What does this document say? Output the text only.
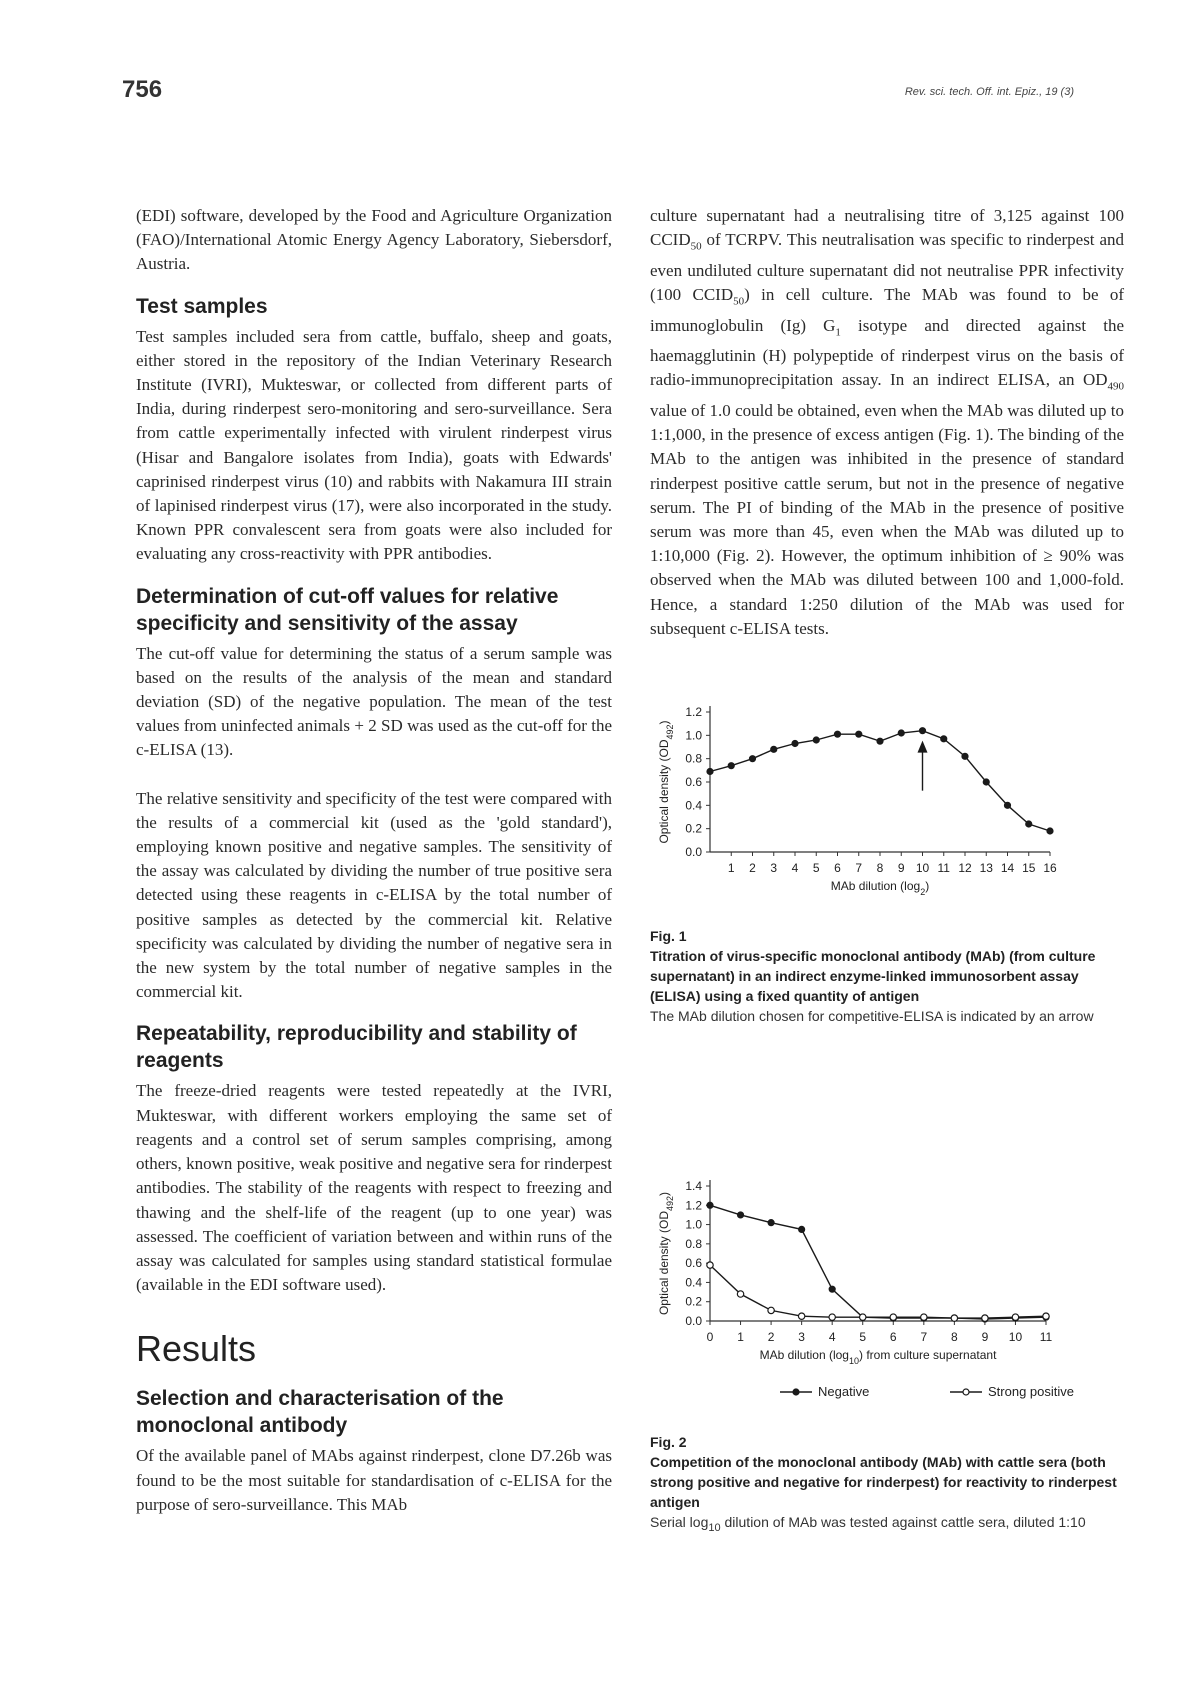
756	Rev. sci. tech. Off. int. Epiz., 19 (3)

(EDI) software, developed by the Food and Agriculture Organization (FAO)/International Atomic Energy Agency Laboratory, Siebersdorf, Austria.

Test samples

Test samples included sera from cattle, buffalo, sheep and goats, either stored in the repository of the Indian Veterinary Research Institute (IVRI), Mukteswar, or collected from different parts of India, during rinderpest sero-monitoring and sero-surveillance. Sera from cattle experimentally infected with virulent rinderpest virus (Hisar and Bangalore isolates from India), goats with Edwards' caprinised rinderpest virus (10) and rabbits with Nakamura III strain of lapinised rinderpest virus (17), were also incorporated in the study. Known PPR convalescent sera from goats were also included for evaluating any cross-reactivity with PPR antibodies.

Determination of cut-off values for relative specificity and sensitivity of the assay

The cut-off value for determining the status of a serum sample was based on the results of the analysis of the mean and standard deviation (SD) of the negative population. The mean of the test values from uninfected animals + 2 SD was used as the cut-off for the c-ELISA (13).

The relative sensitivity and specificity of the test were compared with the results of a commercial kit (used as the 'gold standard'), employing known positive and negative samples. The sensitivity of the assay was calculated by dividing the number of true positive sera detected using these reagents in c-ELISA by the total number of positive samples as detected by the commercial kit. Relative specificity was calculated by dividing the number of negative sera in the new system by the total number of negative samples in the commercial kit.

Repeatability, reproducibility and stability of reagents

The freeze-dried reagents were tested repeatedly at the IVRI, Mukteswar, with different workers employing the same set of reagents and a control set of serum samples comprising, among others, known positive, weak positive and negative sera for rinderpest antibodies. The stability of the reagents with respect to freezing and thawing and the shelf-life of the reagent (up to one year) was assessed. The coefficient of variation between and within runs of the assay was calculated for samples using standard statistical formulae (available in the EDI software used).

Results
Selection and characterisation of the monoclonal antibody

Of the available panel of MAbs against rinderpest, clone D7.26b was found to be the most suitable for standardisation of c-ELISA for the purpose of sero-surveillance. This MAb

culture supernatant had a neutralising titre of 3,125 against 100 $CCID_{50}$ of TCRPV. This neutralisation was specific to rinderpest and even undiluted culture supernatant did not neutralise PPR infectivity (100 $CCID_{50}$) in cell culture. The MAb was found to be of immunoglobulin (Ig) $G_1$ isotype and directed against the haemagglutinin (H) polypeptide of rinderpest virus on the basis of radio-immunoprecipitation assay. In an indirect ELISA, an $OD_{490}$ value of 1.0 could be obtained, even when the MAb was diluted up to 1:1,000, in the presence of excess antigen (Fig. 1). The binding of the MAb to the antigen was inhibited in the presence of standard rinderpest positive cattle serum, but not in the presence of negative serum. The PI of binding of the MAb in the presence of positive serum was more than 45, even when the MAb was diluted up to 1:10,000 (Fig. 2). However, the optimum inhibition of ≥ 90% was observed when the MAb was diluted between 100 and 1,000-fold. Hence, a standard 1:250 dilution of the MAb was used for subsequent c-ELISA tests.

0.0
0.2
0.4
0.6
0.8
1.0
1.2
1 2 3 4 5 6 7 8 9 10 11 12 13 14 15 16
MAb dilution $(\log_2)$
Optical density $(OD_{492})$
Fig. 1
Titration of virus-specific monoclonal antibody (MAb) (from culture supernatant) in an indirect enzyme-linked immunosorbent assay (ELISA) using a fixed quantity of antigen
The MAb dilution chosen for competitive-ELISA is indicated by an arrow
0.0
0.2
0.4
0.6
0.8
1.0
1.2
1.4
0 1 2 3 4 5 6 7 8 9 10 11
MAb dilution $(\log_{10})$ from culture supernatant
Optical density $(OD_{492})$
Negative	Strong positive
Fig. 2
Competition of the monoclonal antibody (MAb) with cattle sera (both strong positive and negative for rinderpest) for reactivity to rinderpest antigen
Serial $\log_{10}$ dilution of MAb was tested against cattle sera, diluted 1:10
